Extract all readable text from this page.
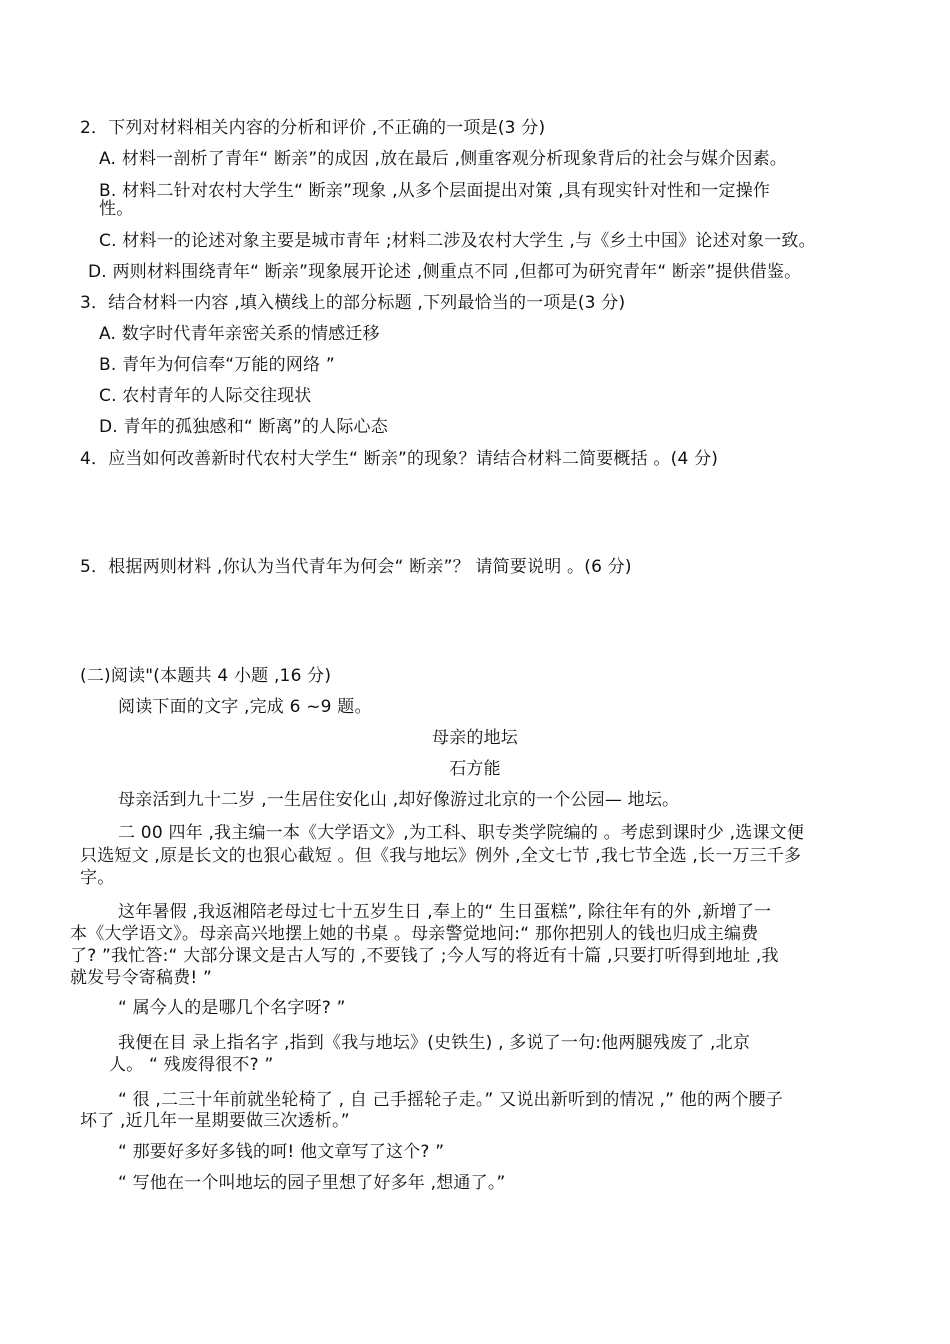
2．下列对材料相关内容的分析和评价 ,不正确的一项是(3 分)
A. 材料一剖析了青年“ 断亲”的成因 ,放在最后 ,侧重客观分析现象背后的社会与媒介因素。
B. 材料二针对农村大学生“ 断亲”现象 ,从多个层面提出对策 ,具有现实针对性和一定操作
性。
C. 材料一的论述对象主要是城市青年 ;材料二涉及农村大学生 ,与《乡土中国》论述对象一致。
D. 两则材料围绕青年“ 断亲”现象展开论述 ,侧重点不同 ,但都可为研究青年“ 断亲”提供借鉴。
3．结合材料一内容 ,填入横线上的部分标题 ,下列最恰当的一项是(3 分)
A. 数字时代青年亲密关系的情感迁移
B. 青年为何信奉“万能的网络 ”
C. 农村青年的人际交往现状
D. 青年的孤独感和“ 断离”的人际心态
4．应当如何改善新时代农村大学生“ 断亲”的现象？请结合材料二简要概括 。(4 分)
5．根据两则材料 ,你认为当代青年为何会“ 断亲”？ 请简要说明 。(6 分)
(二)阅读"(本题共 4 小题 ,16 分)
阅读下面的文字 ,完成 6 ~9 题。
母亲的地坛
石方能
母亲活到九十二岁 ,一生居住安化山 ,却好像游过北京的一个公园— 地坛。
二 00 四年 ,我主编一本《大学语文》,为工科、职专类学院编的 。考虑到课时少 ,选课文便
只选短文 ,原是长文的也狠心截短 。但《我与地坛》例外 ,全文七节 ,我七节全选 ,长一万三千多
字。
这年暑假 ,我返湘陪老母过七十五岁生日 ,奉上的“ 生日蛋糕”, 除往年有的外 ,新增了一
本《大学语文》。母亲高兴地摆上她的书桌 。母亲警觉地问:“ 那你把别人的钱也归成主编费
了? ”我忙答:“ 大部分课文是古人写的 ,不要钱了 ;今人写的将近有十篇 ,只要打听得到地址 ,我
就发号令寄稿费! ”
“ 属今人的是哪几个名字呀? ”
我便在目 录上指名字 ,指到《我与地坛》(史铁生) , 多说了一句:他两腿残废了 ,北京
人。 “ 残废得很不? ”
“ 很 ,二三十年前就坐轮椅了 , 自 己手摇轮子走。” 又说出新听到的情况 ,” 他的两个腰子
坏了 ,近几年一星期要做三次透析。”
“ 那要好多好多钱的呵! 他文章写了这个? ”
“ 写他在一个叫地坛的园子里想了好多年 ,想通了。”
